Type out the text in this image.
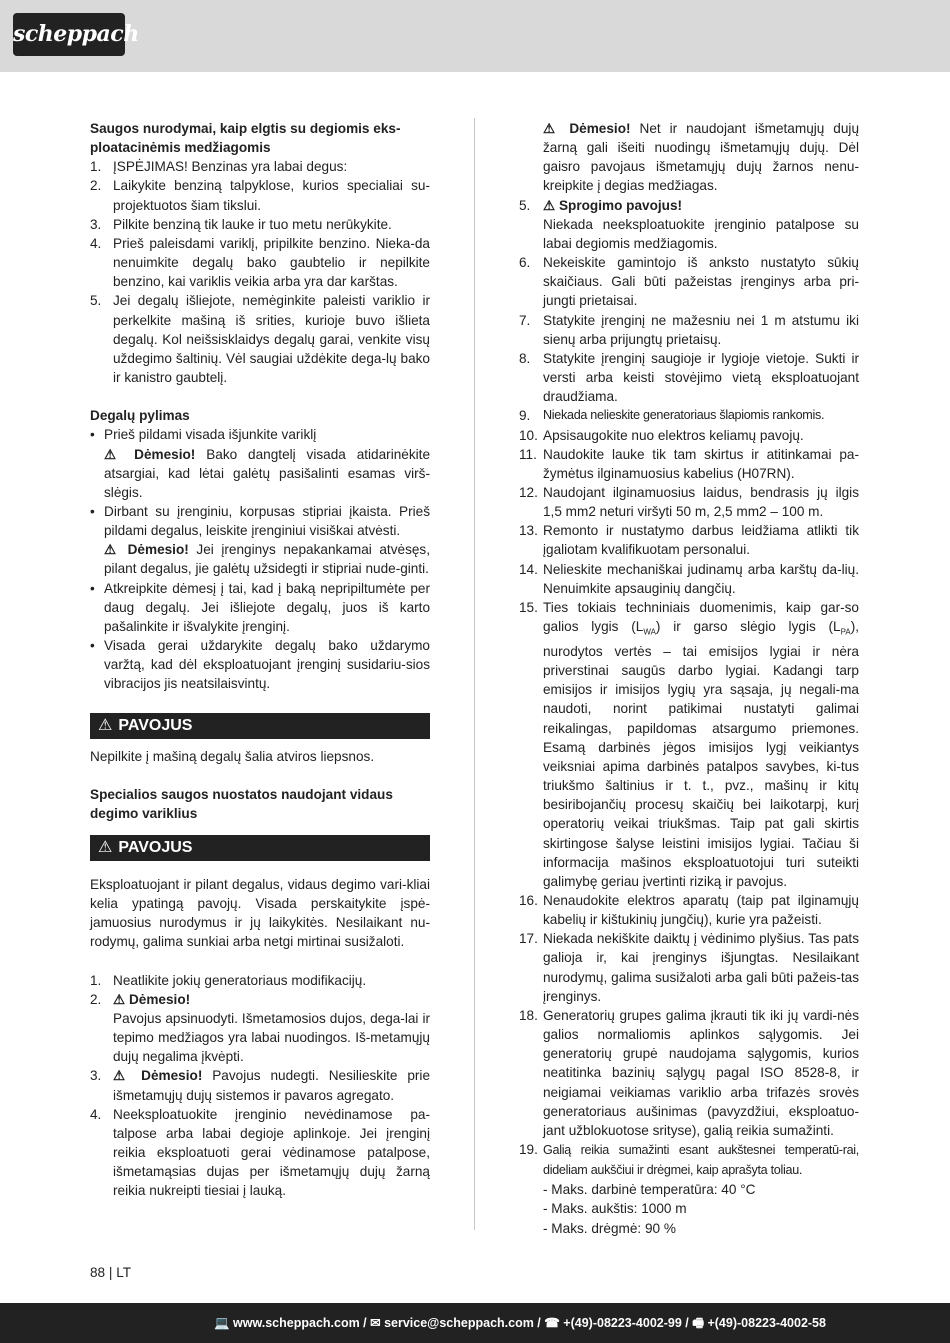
scheppach
Saugos nurodymai, kaip elgtis su degiomis eks-ploatacinėmis medžiagomis
1. ĮSPĖJIMAS! Benzinas yra labai degus:
2. Laikykite benziną talpyklose, kurios specialiai su-projektuotos šiam tikslui.
3. Pilkite benziną tik lauke ir tuo metu nerūkykite.
4. Prieš paleisdami variklį, pripilkite benzino. Nieka-da nenuimkite degalų bako gaubtelio ir nepilkite benzino, kai variklis veikia arba yra dar karštas.
5. Jei degalų išliejote, nemėginkite paleisti variklio ir perkelkite mašiną iš srities, kurioje buvo išlieta degalų. Kol neišsisklaidys degalų garai, venkite visų uždegimo šaltinių. Vėl saugiai uždėkite dega-lų bako ir kanistro gaubtelį.
Degalų pylimas
• Prieš pildami visada išjunkite variklį
⚠ Dėmesio! Bako dangtelį visada atidarinėkite atsargiai, kad lėtai galėtų pasišalinti esamas virš-slėgis.
• Dirbant su įrenginiu, korpusas stipriai įkaista. Prieš pildami degalus, leiskite įrenginiui visiškai atvėsti.
⚠ Dėmesio! Jei įrenginys nepakankamai atvėsęs, pilant degalus, jie galėtų užsidegti ir stipriai nude-ginti.
• Atkreipkite dėmesį į tai, kad į baką nepripiltumėte per daug degalų. Jei išliejote degalų, juos iš karto pašalinkite ir išvalykite įrenginį.
• Visada gerai uždarykite degalų bako uždarymo varžtą, kad dėl eksploatuojant įrenginį susidariu-sios vibracijos jis neatsilaisvintų.
⚠ PAVOJUS

Nepilkite į mašiną degalų šalia atviros liepsnos.

Specialios saugos nuostatos naudojant vidaus degimo variklius
⚠ PAVOJUS

Eksploatuojant ir pilant degalus, vidaus degimo vari-kliai kelia ypatingą pavojų. Visada perskaitykite įspė-jamuosius nurodymus ir jų laikykitės. Nesilaikant nu-rodymų, galima sunkiai arba netgi mirtinai susižaloti.

1. Neatlikite jokių generatoriaus modifikacijų.
2. ⚠ Dėmesio!
Pavojus apsinuodyti. Išmetamosios dujos, dega-lai ir tepimo medžiagos yra labai nuodingos. Iš-metamųjų dujų negalima įkvėpti.
3. ⚠ Dėmesio! Pavojus nudegti. Nesilieskite prie išmetamųjų dujų sistemos ir pavaros agregato.
4. Neeksploatuokite įrenginio nevėdinamose pa-talpose arba labai degioje aplinkoje. Jei įrenginį reikia eksploatuoti gerai vėdinamose patalpose, išmetamąsias dujas per išmetamųjų dujų žarną reikia nukreipti tiesiai į lauką.
⚠ Dėmesio! Net ir naudojant išmetamųjų dujų žarną gali išeiti nuodingų išmetamųjų dujų. Dėl gaisro pavojaus išmetamųjų dujų žarnos nenu-kreipkite į degias medžiagas.
5. ⚠ Sprogimo pavojus!
Niekada neeksploatuokite įrenginio patalpose su labai degiomis medžiagomis.
6. Nekeiskite gamintojo iš anksto nustatyto sūkių skaičiaus. Gali būti pažeistas įrenginys arba pri-jungti prietaisai.
7. Statykite įrenginį ne mažesniu nei 1 m atstumu iki sienų arba prijungtų prietaisų.
8. Statykite įrenginį saugioje ir lygioje vietoje. Sukti ir versti arba keisti stovėjimo vietą eksploatuojant draudžiama.
9.	Niekada nelieskite generatoriaus šlapiomis rankomis.
10. Apsisaugokite nuo elektros keliamų pavojų.
11. Naudokite lauke tik tam skirtus ir atitinkamai pa-žymėtus ilginamuosius kabelius (H07RN).
12. Naudojant ilginamuosius laidus, bendrasis jų ilgis 1,5 mm2 neturi viršyti 50 m, 2,5 mm2 – 100 m.
13. Remonto ir nustatymo darbus leidžiama atlikti tik įgaliotam kvalifikuotam personalui.
14. Nelieskite mechaniškai judinamų arba karštų da-lių. Nenuimkite apsauginių dangčių.
15. Ties tokiais techniniais duomenimis, kaip gar-so galios lygis $(L_{WA})$ ir garso slėgio lygis $(L_{PA})$, nurodytos vertės – tai emisijos lygiai ir nėra priverstinai saugūs darbo lygiai. Kadangi tarp emisijos ir imisijos lygių yra sąsaja, jų negali-ma naudoti, norint patikimai nustatyti galimai reikalingas, papildomas atsargumo priemones. Esamą darbinės jėgos imisijos lygį veikiantys veiksniai apima darbinės patalpos savybes, ki-tus triukšmo šaltinius ir t. t., pvz., mašinų ir kitų besiribojančių procesų skaičių bei laikotarpį, kurį operatorių veikai triukšmas. Taip pat gali skirtis skirtingose šalyse leistini imisijos lygiai. Tačiau ši informacija mašinos eksploatuotojui turi suteikti galimybę geriau įvertinti riziką ir pavojus.
16. Nenaudokite elektros aparatų (taip pat ilginamųjų kabelių ir kištukinių jungčių), kurie yra pažeisti.
17. Niekada nekiškite daiktų į vėdinimo plyšius. Tas pats galioja ir, kai įrenginys išjungtas. Nesilaikant nurodymų, galima susižaloti arba gali būti pažeis-tas įrenginys.
18. Generatorių grupes galima įkrauti tik iki jų vardi-nės galios normaliomis aplinkos sąlygomis. Jei generatorių grupė naudojama sąlygomis, kurios neatitinka bazinių sąlygų pagal ISO 8528-8, ir neigiamai veikiamas variklio arba trifazės srovės generatoriaus aušinimas (pavyzdžiui, eksploatuo-jant užblokuotose srityse), galią reikia sumažinti.
19. Galią reikia sumažinti esant aukštesnei temperatū-rai, dideliam aukščiui ir drėgmei, kaip aprašyta toliau.
- Maks. darbinė temperatūra: 40 °C
- Maks. aukštis: 1000 m
- Maks. drėgmė: 90 %
88 | LT
💻 www.scheppach.com / ✉ service@scheppach.com / ☎ +(49)-08223-4002-99 / 🖷 +(49)-08223-4002-58
